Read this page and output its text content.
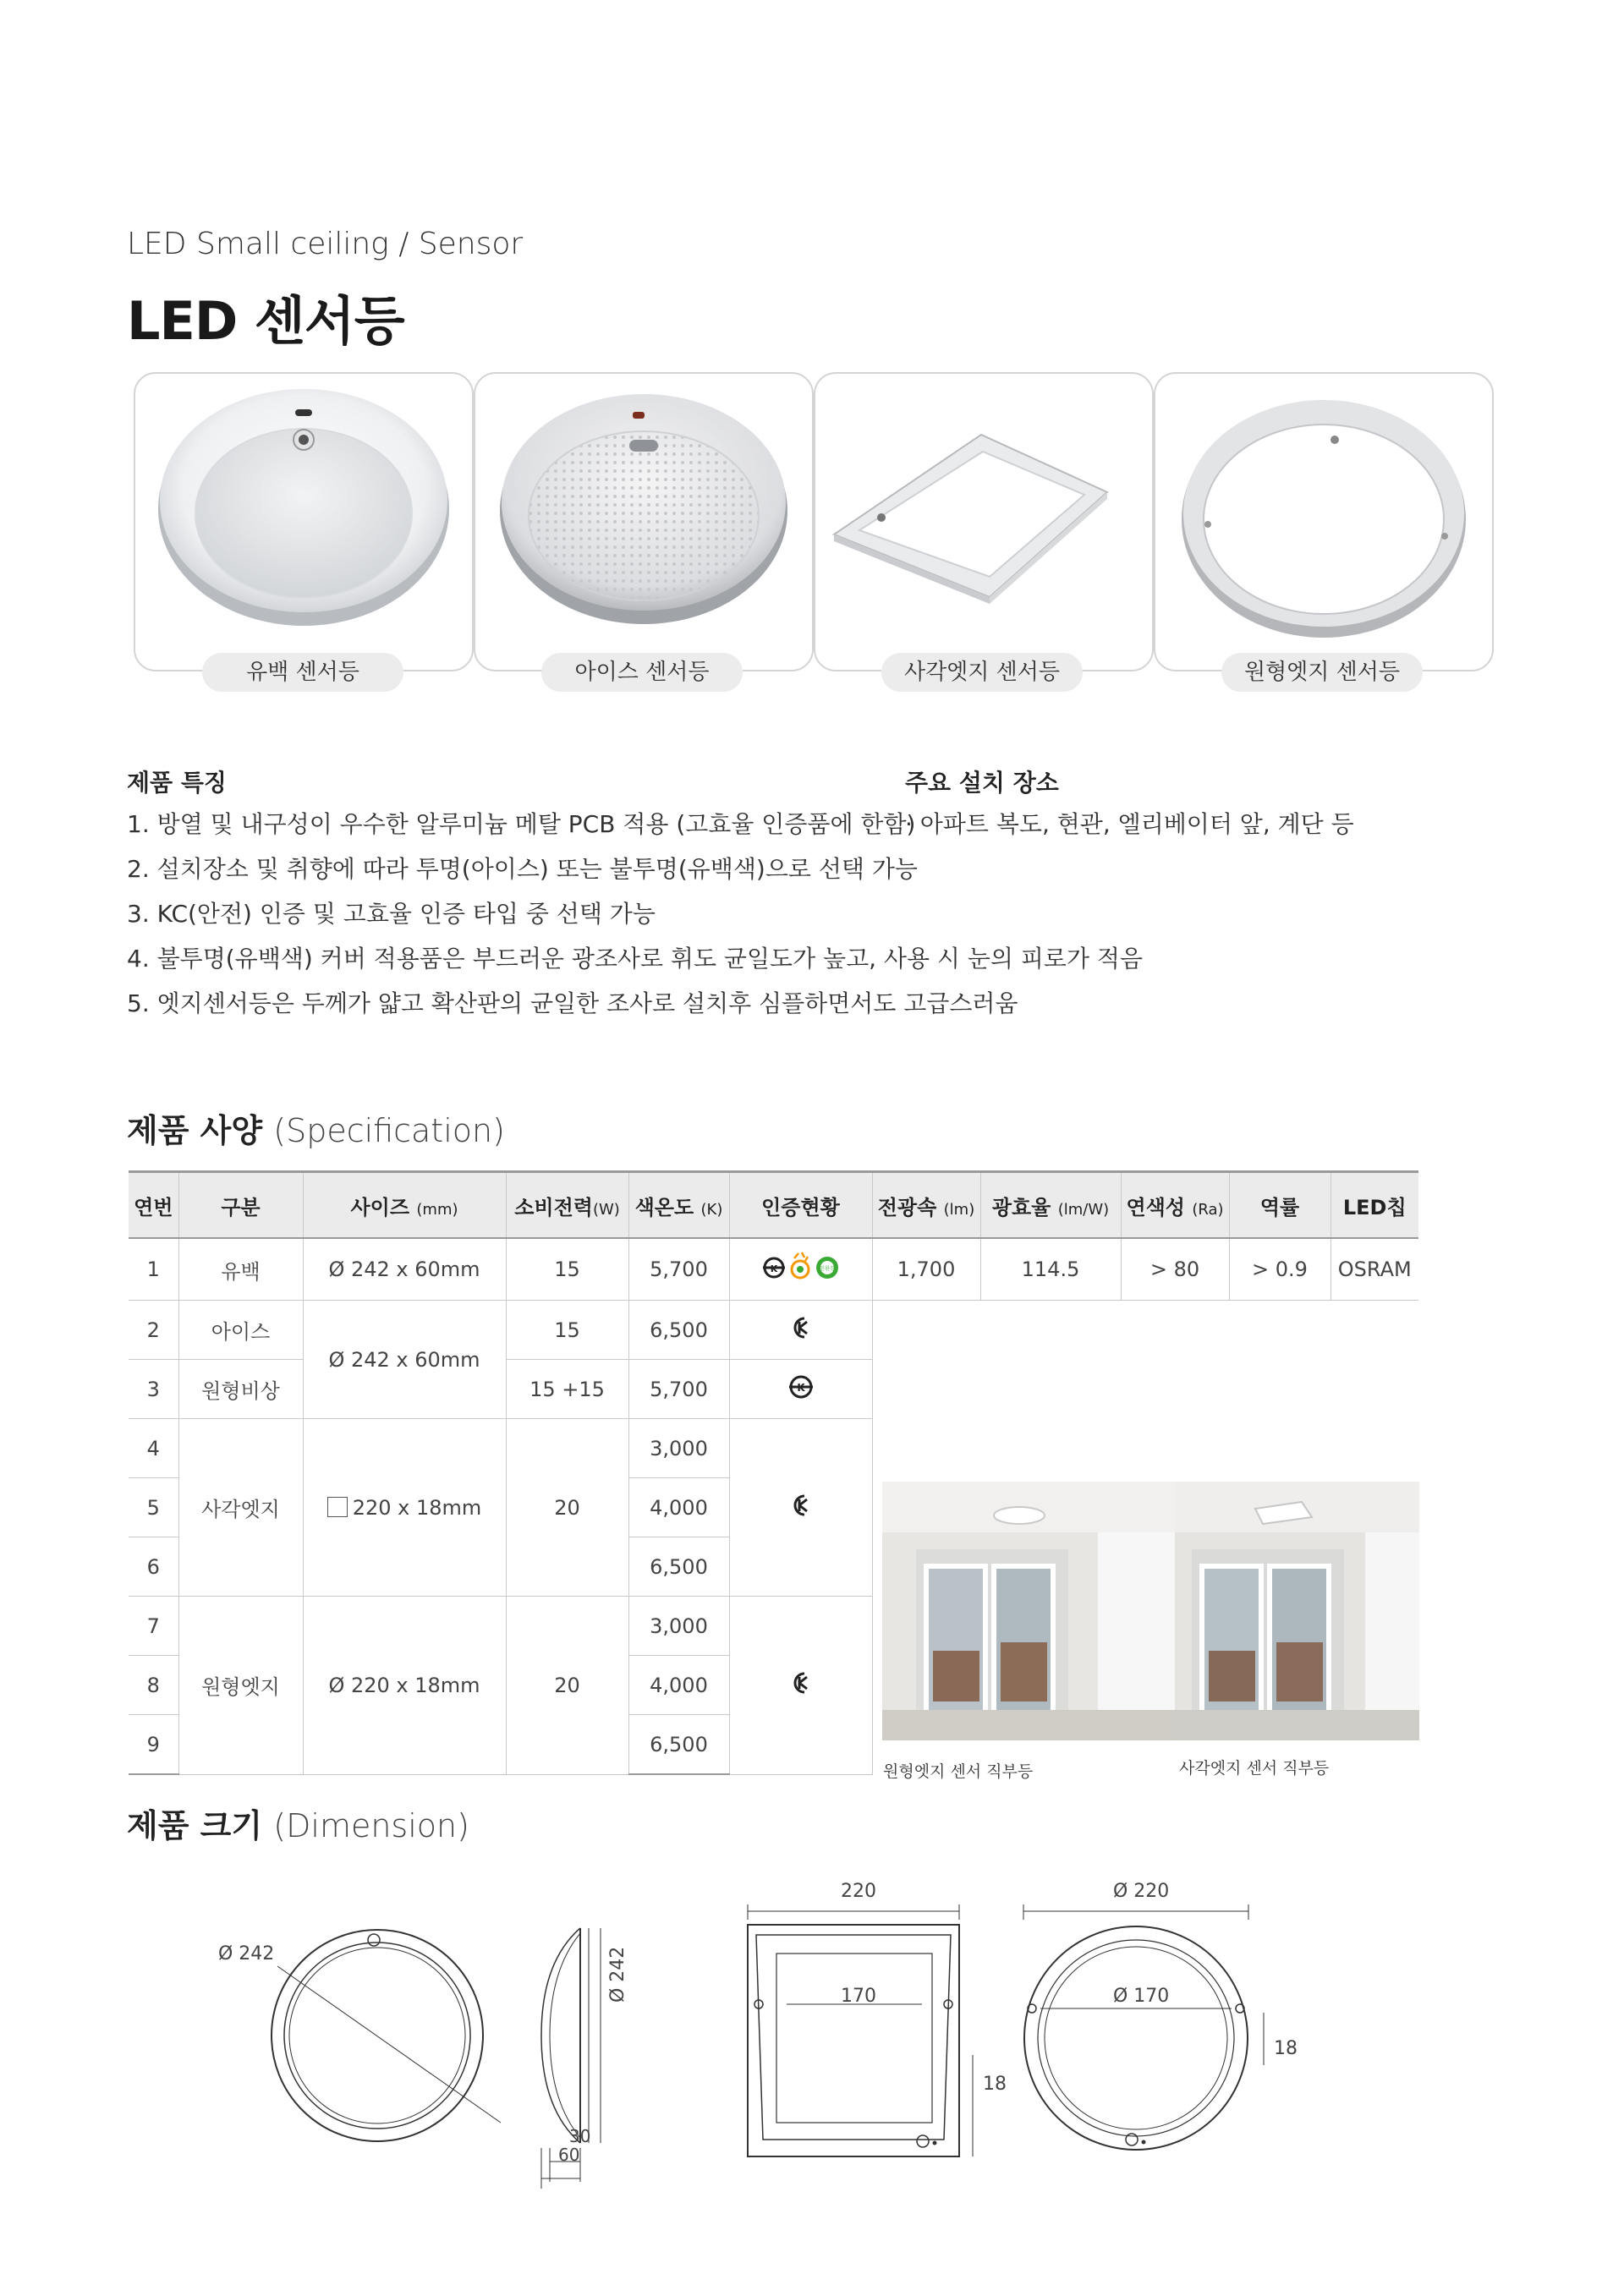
LED Small ceiling / Sensor
LED 센서등
유백 센서등	아이스 센서등	사각엣지 센서등	원형엣지 센서등
제품 특징
1. 방열 및 내구성이 우수한 알루미늄 메탈 PCB 적용 (고효율 인증품에 한함)
2. 설치장소 및 취향에 따라 투명(아이스) 또는 불투명(유백색)으로 선택 가능
3. KC(안전) 인증 및 고효율 인증 타입 중 선택 가능
4. 불투명(유백색) 커버 적용품은 부드러운 광조사로 휘도 균일도가 높고, 사용 시 눈의 피로가 적음
5. 엣지센서등은 두께가 얇고 확산판의 균일한 조사로 설치후 심플하면서도 고급스러움
주요 설치 장소
· 아파트 복도, 현관, 엘리베이터 앞, 계단 등
제품 사양 (Specification)
연번	구분	사이즈 (mm)	소비전력(W)	색온도 (K)	인증현황	전광속 (lm)	광효율 (lm/W)	연색성 (Ra)	역률	LED칩
1	유백	Ø 242 x 60mm	15	5,700	K 친환경	1,700	114.5	> 80	> 0.9	OSRAM
2	아이스	Ø 242 x 60mm	15	6,500		
3	원형비상		15 +15	5,700	K					

4	사각엣지	220 x 18mm	20	3,000	
5				4,000						
6				6,500						
7	원형엣지	Ø 220 x 18mm	20	3,000	
8				4,000						
9				6,500						
원형엣지 센서 직부등	사각엣지 센서 직부등
제품 크기 (Dimension)
Ø 242	Ø 242
30
60
220
170
18
Ø 220
Ø 170
18
